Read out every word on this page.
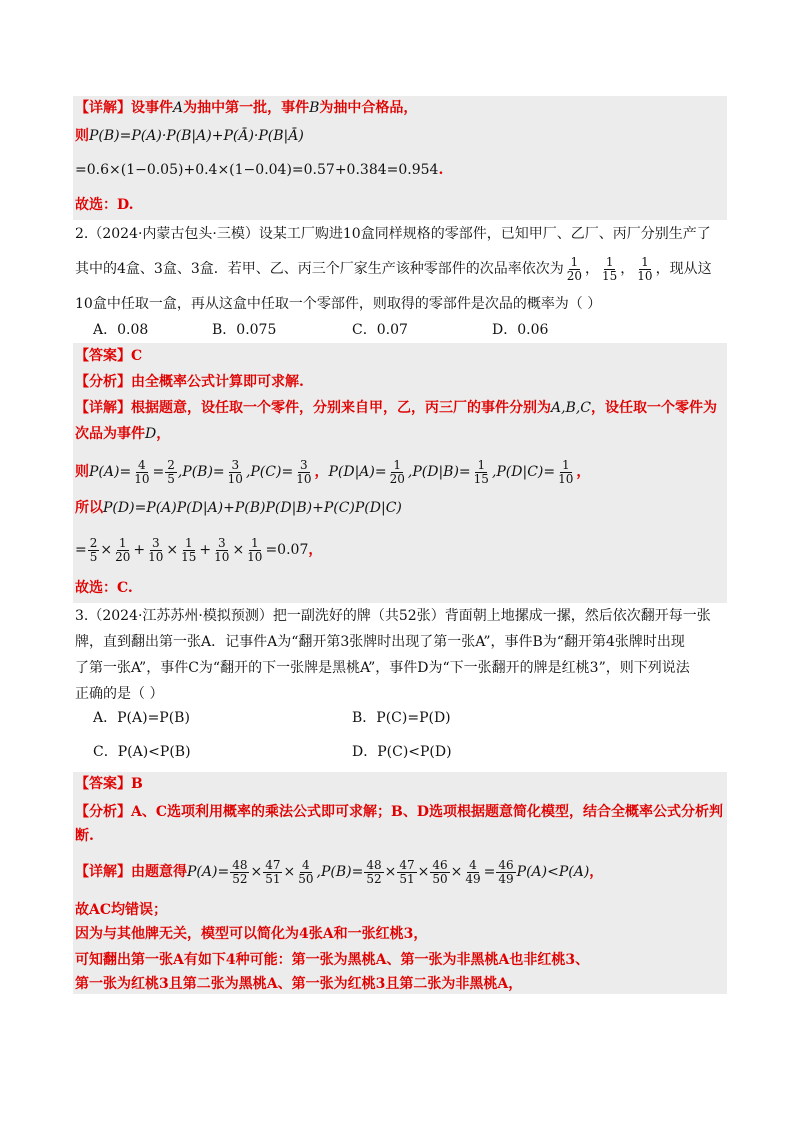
【详解】设事件A为抽中第一批，事件B为抽中合格品，
则P(B)=P(A)·P(B|A)+P(Ā)·P(B|Ā)
=0.6×(1−0.05)+0.4×(1−0.04)=0.57+0.384=0.954.
故选：D.
2.（2024·内蒙古包头·三模）设某工厂购进10盒同样规格的零部件，已知甲厂、乙厂、丙厂分别生产了
其中的4盒、3盒、3盒．若甲、乙、丙三个厂家生产该种零部件的次品率依次为 $\frac{1}{20}$ ， $\frac{1}{15}$ ， $\frac{1}{10}$ ，现从这
10盒中任取一盒，再从这盒中任取一个零部件，则取得的零部件是次品的概率为（ ）
A．0.08	B．0.075	C．0.07	D．0.06
【答案】C
【分析】由全概率公式计算即可求解.
【详解】根据题意，设任取一个零件，分别来自甲，乙，丙三厂的事件分别为A,B,C，设任取一个零件为
次品为事件D，
则$P(A)= \frac{4}{10} = \frac{2}{5} ,P(B)= \frac{3}{10} ,P(C)= \frac{3}{10}$ ，$P(D|A)= \frac{1}{20} ,P(D|B)= \frac{1}{15} ,P(D|C)= \frac{1}{10}$ ，
所以P(D)=P(A)P(D|A)+P(B)P(D|B)+P(C)P(D|C)
= $\frac{2}{5} \times \frac{1}{20} + \frac{3}{10} \times \frac{1}{15} + \frac{3}{10} \times \frac{1}{10} =0.07$，
故选：C.
3.（2024·江苏苏州·模拟预测）把一副洗好的牌（共52张）背面朝上地摞成一摞，然后依次翻开每一张
牌，直到翻出第一张A．记事件A为“翻开第3张牌时出现了第一张A”，事件B为“翻开第4张牌时出现
了第一张A”，事件C为“翻开的下一张牌是黑桃A”，事件D为“下一张翻开的牌是红桃3”，则下列说法
正确的是（ ）
A．P(A)=P(B)	B．P(C)=P(D)
C．P(A)<P(B)	D．P(C)<P(D)
【答案】B
【分析】A、C选项利用概率的乘法公式即可求解；B、D选项根据题意简化模型，结合全概率公式分析判
断.
【详解】由题意得$P(A)= \frac{48}{52} \times \frac{47}{51} \times \frac{4}{50} ,P(B)= \frac{48}{52} \times \frac{47}{51} \times \frac{46}{50} \times \frac{4}{49} = \frac{46}{49} P(A)<P(A)$，
故AC均错误；
因为与其他牌无关，模型可以简化为4张A和一张红桃3，
可知翻出第一张A有如下4种可能：第一张为黑桃A、第一张为非黑桃A也非红桃3、
第一张为红桃3且第二张为黑桃A、第一张为红桃3且第二张为非黑桃A，
